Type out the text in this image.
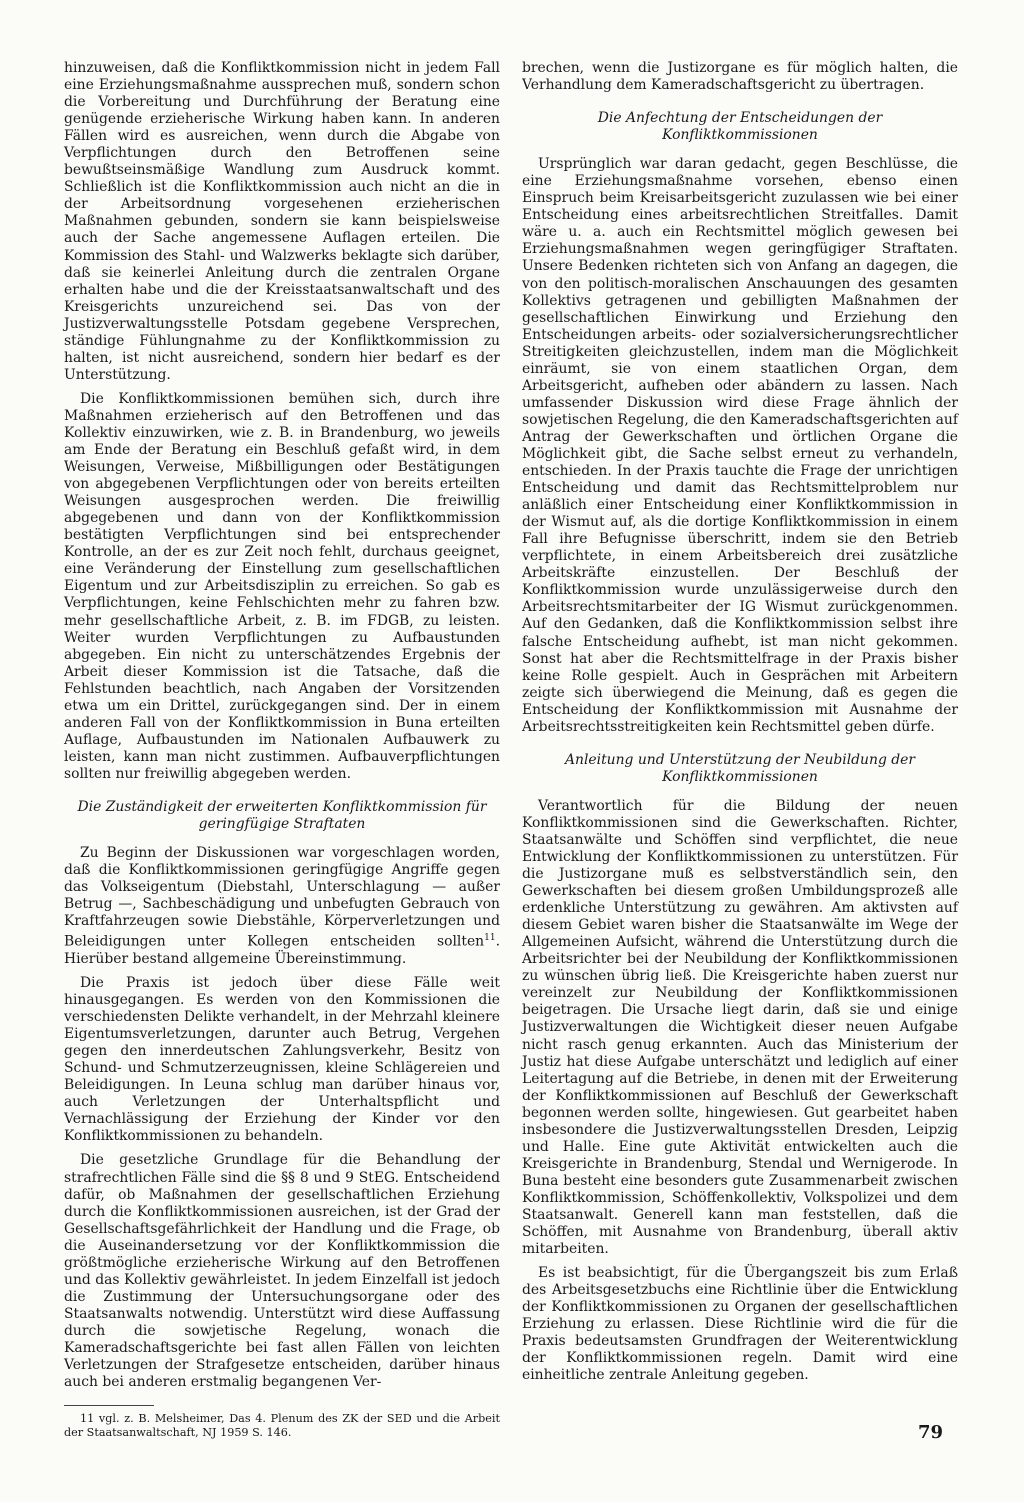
hinzuweisen, daß die Konfliktkommission nicht in jedem Fall eine Erziehungsmaßnahme aussprechen muß, sondern schon die Vorbereitung und Durchführung der Beratung eine genügende erzieherische Wirkung haben kann. In anderen Fällen wird es ausreichen, wenn durch die Abgabe von Verpflichtungen durch den Betroffenen seine bewußtseinsmäßige Wandlung zum Ausdruck kommt. Schließlich ist die Konfliktkommission auch nicht an die in der Arbeitsordnung vorgesehenen erzieherischen Maßnahmen gebunden, sondern sie kann beispielsweise auch der Sache angemessene Auflagen erteilen. Die Kommission des Stahl- und Walzwerks beklagte sich darüber, daß sie keinerlei Anleitung durch die zentralen Organe erhalten habe und die der Kreisstaatsanwaltschaft und des Kreisgerichts unzureichend sei. Das von der Justizverwaltungsstelle Potsdam gegebene Versprechen, ständige Fühlungnahme zu der Konfliktkommission zu halten, ist nicht ausreichend, sondern hier bedarf es der Unterstützung.

Die Konfliktkommissionen bemühen sich, durch ihre Maßnahmen erzieherisch auf den Betroffenen und das Kollektiv einzuwirken, wie z. B. in Brandenburg, wo jeweils am Ende der Beratung ein Beschluß gefaßt wird, in dem Weisungen, Verweise, Mißbilligungen oder Bestätigungen von abgegebenen Verpflichtungen oder von bereits erteilten Weisungen ausgesprochen werden. Die freiwillig abgegebenen und dann von der Konfliktkommission bestätigten Verpflichtungen sind bei entsprechender Kontrolle, an der es zur Zeit noch fehlt, durchaus geeignet, eine Veränderung der Einstellung zum gesellschaftlichen Eigentum und zur Arbeitsdisziplin zu erreichen. So gab es Verpflichtungen, keine Fehlschichten mehr zu fahren bzw. mehr gesellschaftliche Arbeit, z. B. im FDGB, zu leisten. Weiter wurden Verpflichtungen zu Aufbaustunden abgegeben. Ein nicht zu unterschätzendes Ergebnis der Arbeit dieser Kommission ist die Tatsache, daß die Fehlstunden beachtlich, nach Angaben der Vorsitzenden etwa um ein Drittel, zurückgegangen sind. Der in einem anderen Fall von der Konfliktkommission in Buna erteilten Auflage, Aufbaustunden im Nationalen Aufbauwerk zu leisten, kann man nicht zustimmen. Aufbauverpflichtungen sollten nur freiwillig abgegeben werden.

Die Zuständigkeit der erweiterten Konfliktkommission für geringfügige Straftaten

Zu Beginn der Diskussionen war vorgeschlagen worden, daß die Konfliktkommissionen geringfügige Angriffe gegen das Volkseigentum (Diebstahl, Unterschlagung — außer Betrug —, Sachbeschädigung und unbefugten Gebrauch von Kraftfahrzeugen sowie Diebstähle, Körperverletzungen und Beleidigungen unter Kollegen entscheiden sollten$^{11}$. Hierüber bestand allgemeine Übereinstimmung.

Die Praxis ist jedoch über diese Fälle weit hinausgegangen. Es werden von den Kommissionen die verschiedensten Delikte verhandelt, in der Mehrzahl kleinere Eigentumsverletzungen, darunter auch Betrug, Vergehen gegen den innerdeutschen Zahlungsverkehr, Besitz von Schund- und Schmutzerzeugnissen, kleine Schlägereien und Beleidigungen. In Leuna schlug man darüber hinaus vor, auch Verletzungen der Unterhaltspflicht und Vernachlässigung der Erziehung der Kinder vor den Konfliktkommissionen zu behandeln.

Die gesetzliche Grundlage für die Behandlung der strafrechtlichen Fälle sind die §§ 8 und 9 StEG. Entscheidend dafür, ob Maßnahmen der gesellschaftlichen Erziehung durch die Konfliktkommissionen ausreichen, ist der Grad der Gesellschaftsgefährlichkeit der Handlung und die Frage, ob die Auseinandersetzung vor der Konfliktkommission die größtmögliche erzieherische Wirkung auf den Betroffenen und das Kollektiv gewährleistet. In jedem Einzelfall ist jedoch die Zustimmung der Untersuchungsorgane oder des Staatsanwalts notwendig. Unterstützt wird diese Auffassung durch die sowjetische Regelung, wonach die Kameradschaftsgerichte bei fast allen Fällen von leichten Verletzungen der Strafgesetze entscheiden, darüber hinaus auch bei anderen erstmalig begangenen Ver-

11 vgl. z. B. Melsheimer, Das 4. Plenum des ZK der SED und die Arbeit der Staatsanwaltschaft, NJ 1959 S. 146.

brechen, wenn die Justizorgane es für möglich halten, die Verhandlung dem Kameradschaftsgericht zu übertragen.

Die Anfechtung der Entscheidungen der Konfliktkommissionen

Ursprünglich war daran gedacht, gegen Beschlüsse, die eine Erziehungsmaßnahme vorsehen, ebenso einen Einspruch beim Kreisarbeitsgericht zuzulassen wie bei einer Entscheidung eines arbeitsrechtlichen Streitfalles. Damit wäre u. a. auch ein Rechtsmittel möglich gewesen bei Erziehungsmaßnahmen wegen geringfügiger Straftaten. Unsere Bedenken richteten sich von Anfang an dagegen, die von den politisch-moralischen Anschauungen des gesamten Kollektivs getragenen und gebilligten Maßnahmen der gesellschaftlichen Einwirkung und Erziehung den Entscheidungen arbeits- oder sozialversicherungsrechtlicher Streitigkeiten gleichzustellen, indem man die Möglichkeit einräumt, sie von einem staatlichen Organ, dem Arbeitsgericht, aufheben oder abändern zu lassen. Nach umfassender Diskussion wird diese Frage ähnlich der sowjetischen Regelung, die den Kameradschaftsgerichten auf Antrag der Gewerkschaften und örtlichen Organe die Möglichkeit gibt, die Sache selbst erneut zu verhandeln, entschieden. In der Praxis tauchte die Frage der unrichtigen Entscheidung und damit das Rechtsmittelproblem nur anläßlich einer Entscheidung einer Konfliktkommission in der Wismut auf, als die dortige Konfliktkommission in einem Fall ihre Befugnisse überschritt, indem sie den Betrieb verpflichtete, in einem Arbeitsbereich drei zusätzliche Arbeitskräfte einzustellen. Der Beschluß der Konfliktkommission wurde unzulässigerweise durch den Arbeitsrechtsmitarbeiter der IG Wismut zurückgenommen. Auf den Gedanken, daß die Konfliktkommission selbst ihre falsche Entscheidung aufhebt, ist man nicht gekommen. Sonst hat aber die Rechtsmittelfrage in der Praxis bisher keine Rolle gespielt. Auch in Gesprächen mit Arbeitern zeigte sich überwiegend die Meinung, daß es gegen die Entscheidung der Konfliktkommission mit Ausnahme der Arbeitsrechtsstreitigkeiten kein Rechtsmittel geben dürfe.

Anleitung und Unterstützung der Neubildung der Konfliktkommissionen

Verantwortlich für die Bildung der neuen Konfliktkommissionen sind die Gewerkschaften. Richter, Staatsanwälte und Schöffen sind verpflichtet, die neue Entwicklung der Konfliktkommissionen zu unterstützen. Für die Justizorgane muß es selbstverständlich sein, den Gewerkschaften bei diesem großen Umbildungsprozeß alle erdenkliche Unterstützung zu gewähren. Am aktivsten auf diesem Gebiet waren bisher die Staatsanwälte im Wege der Allgemeinen Aufsicht, während die Unterstützung durch die Arbeitsrichter bei der Neubildung der Konfliktkommissionen zu wünschen übrig ließ. Die Kreisgerichte haben zuerst nur vereinzelt zur Neubildung der Konfliktkommissionen beigetragen. Die Ursache liegt darin, daß sie und einige Justizverwaltungen die Wichtigkeit dieser neuen Aufgabe nicht rasch genug erkannten. Auch das Ministerium der Justiz hat diese Aufgabe unterschätzt und lediglich auf einer Leitertagung auf die Betriebe, in denen mit der Erweiterung der Konfliktkommissionen auf Beschluß der Gewerkschaft begonnen werden sollte, hingewiesen. Gut gearbeitet haben insbesondere die Justizverwaltungsstellen Dresden, Leipzig und Halle. Eine gute Aktivität entwickelten auch die Kreisgerichte in Brandenburg, Stendal und Wernigerode. In Buna besteht eine besonders gute Zusammenarbeit zwischen Konfliktkommission, Schöffenkollektiv, Volkspolizei und dem Staatsanwalt. Generell kann man feststellen, daß die Schöffen, mit Ausnahme von Brandenburg, überall aktiv mitarbeiten.

Es ist beabsichtigt, für die Übergangszeit bis zum Erlaß des Arbeitsgesetzbuchs eine Richtlinie über die Entwicklung der Konfliktkommissionen zu Organen der gesellschaftlichen Erziehung zu erlassen. Diese Richtlinie wird die für die Praxis bedeutsamsten Grundfragen der Weiterentwicklung der Konfliktkommissionen regeln. Damit wird eine einheitliche zentrale Anleitung gegeben.

79
